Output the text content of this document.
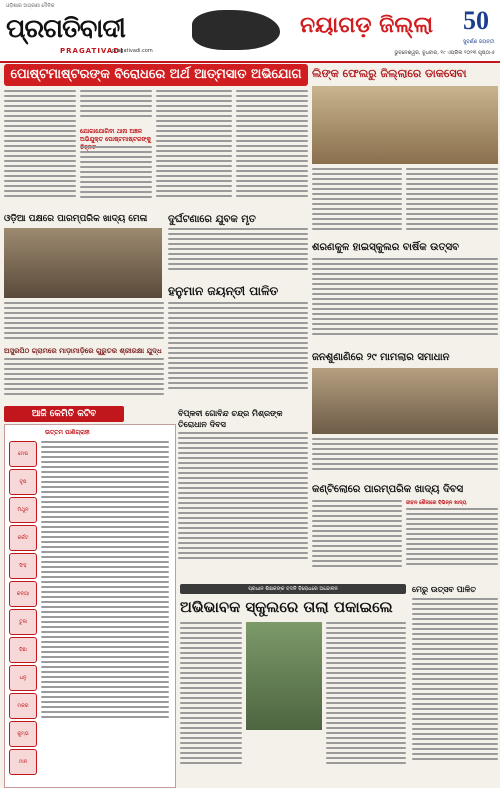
ଓଡ଼ିଶାର ଅଗ୍ରଣୀ ଦୈନିକ
ପ୍ରଗତିବାଦୀ
PRAGATIVADI
pragativadi.com
ନୟାଗଡ଼ ଜିଲ୍ଲା 50
ସୁବର୍ଣ୍ଣ ଜୟନ୍ତୀ
ଭୁବନେଶ୍ୱର, ବୁଧବାର, ୧୯ ଏପ୍ରିଲ ୨୦୨୩ ପୃଷ୍ଠା-୫
ପୋଷ୍ଟମାଷ୍ଟରଙ୍କ ବିରୋଧରେ ଅର୍ଥ ଆତ୍ମସାତ ଅଭିଯୋଗ ଲିଙ୍କ ଫେଲରୁ ଜିଲ୍ଲାରେ ଡାକସେବା
ଯୋଗାଯୋଗିବା ଥାନା ଅଞ୍ଚଳ
ଅଭିଯୁକ୍ତ ପୋଷ୍ଟମାଷ୍ଟରଙ୍କୁ
ଓଡ଼ିଆ ପକ୍ଷରେ ପାରମ୍ପରିକ ଖାଦ୍ୟ ମେଳା	ଦୁର୍ଘଟଣାରେ ଯୁବକ ମୃତ
ହନୁମାନ ଜୟନ୍ତୀ ପାଳିତ
ଶରଣକୁଳ ହାଇସ୍କୁଲର ବାର୍ଷିକ ଉତ୍ସବ
ଅସୁରପିଠ ଗ୍ରାମରେ ମାଡ଼ାମାଡ଼ିରେ ଗୁରୁତର ଶ୍ରୀରକ୍ଷା ଯୁଦ୍ଧ
ଜନଶୁଣାଣିରେ ୨୯ ମାମଲାର ସମାଧାନ
ଆଜି କେମିତି କଟିବ
ଉତ୍ତମ ପାଣିଗ୍ରାହୀ
ମେଷ
ବୃଷ
ମିଥୁନ
କର୍କଟ
ସିଂହ
କନ୍ୟା
ତୁଳା
ବିଛା
ଧନୁ
ମକର
କୁମ୍ଭ
ମୀନ
ବିପ୍ଳବୀ ଗୋବିନ୍ଦ ଚନ୍ଦ୍ର ମିଶ୍ରଙ୍କ ତିରୋଧାନ ଦିବସ
କଣ୍ଟିଲୋରେ ପାରମ୍ପରିକ ଖାଦ୍ୟ ଦିବସ
ଜୀବନ ଶୈଳୀରେ ବିଭିନ୍ନ ଖାଦ୍ୟ
ପ୍ରଧାନ ଶିକ୍ଷକଙ୍କ ବଦଳି ବିରୋଧରେ ଅନ୍ଦୋଳନ
ଅଭିଭାବକ ସ୍କୁଲରେ ତାଲା ପକାଇଲେ
ମେରୁ ଉତ୍ସବ ପାଳିତ
